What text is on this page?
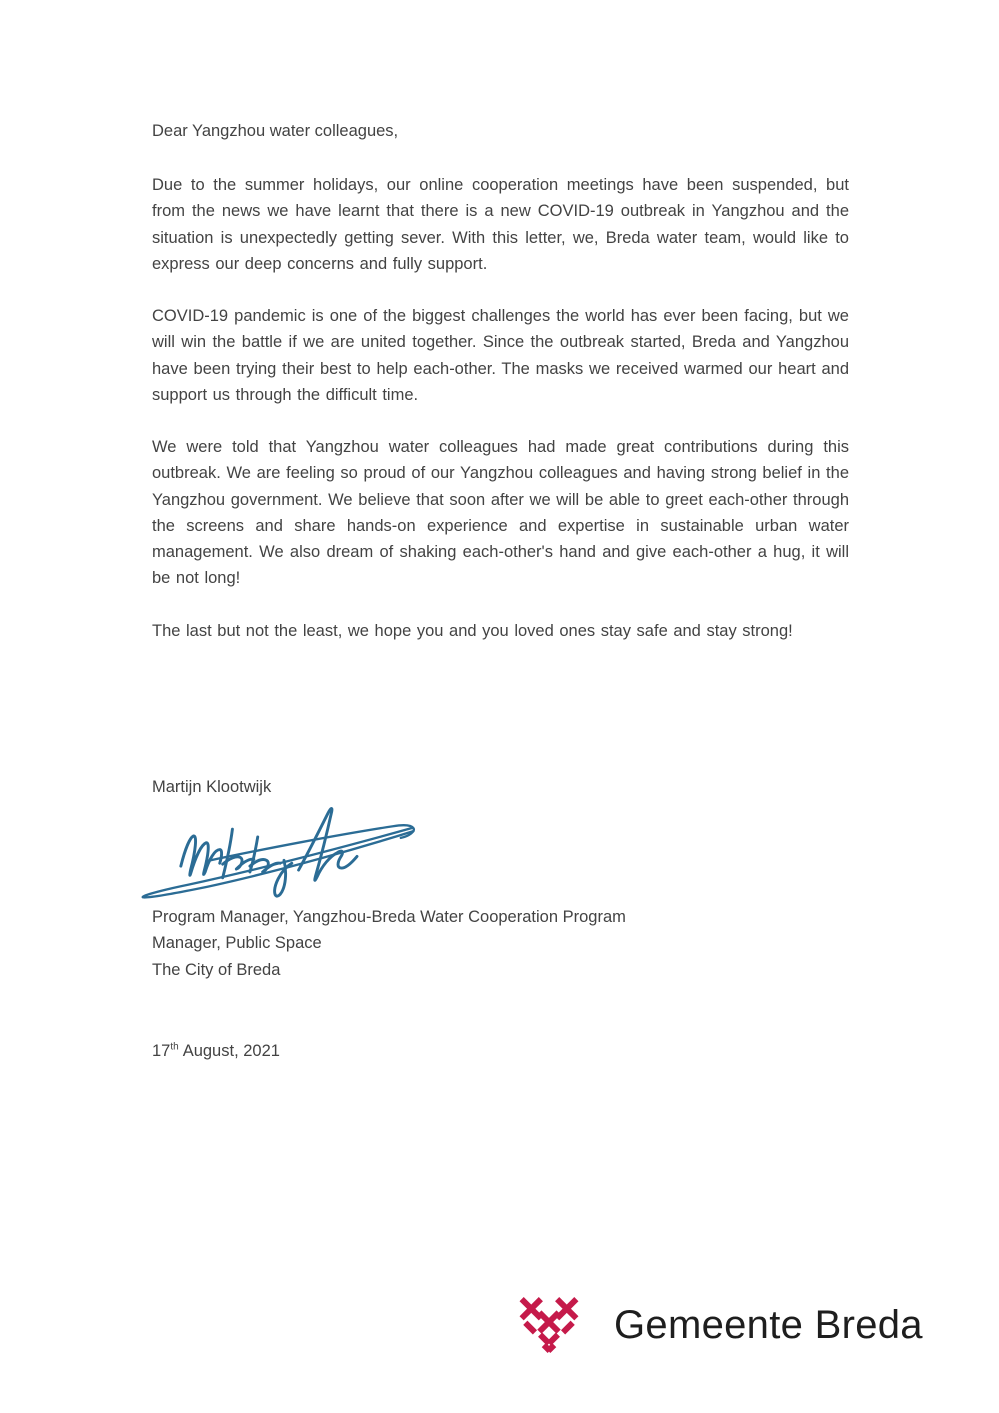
Dear Yangzhou water colleagues,

Due to the summer holidays, our online cooperation meetings have been suspended, but from the news we have learnt that there is a new COVID-19 outbreak in Yangzhou and the situation is unexpectedly getting sever. With this letter, we, Breda water team, would like to express our deep concerns and fully support.

COVID-19 pandemic is one of the biggest challenges the world has ever been facing, but we will win the battle if we are united together. Since the outbreak started, Breda and Yangzhou have been trying their best to help each-other. The masks we received warmed our heart and support us through the difficult time.

We were told that Yangzhou water colleagues had made great contributions during this outbreak. We are feeling so proud of our Yangzhou colleagues and having strong belief in the Yangzhou government. We believe that soon after we will be able to greet each-other through the screens and share hands-on experience and expertise in sustainable urban water management. We also dream of shaking each-other's hand and give each-other a hug, it will be not long!

The last but not the least, we hope you and you loved ones stay safe and stay strong!

Martijn Klootwijk

Program Manager, Yangzhou-Breda Water Cooperation Program

Manager, Public Space

The City of Breda

17th August, 2021

Gemeente Breda
